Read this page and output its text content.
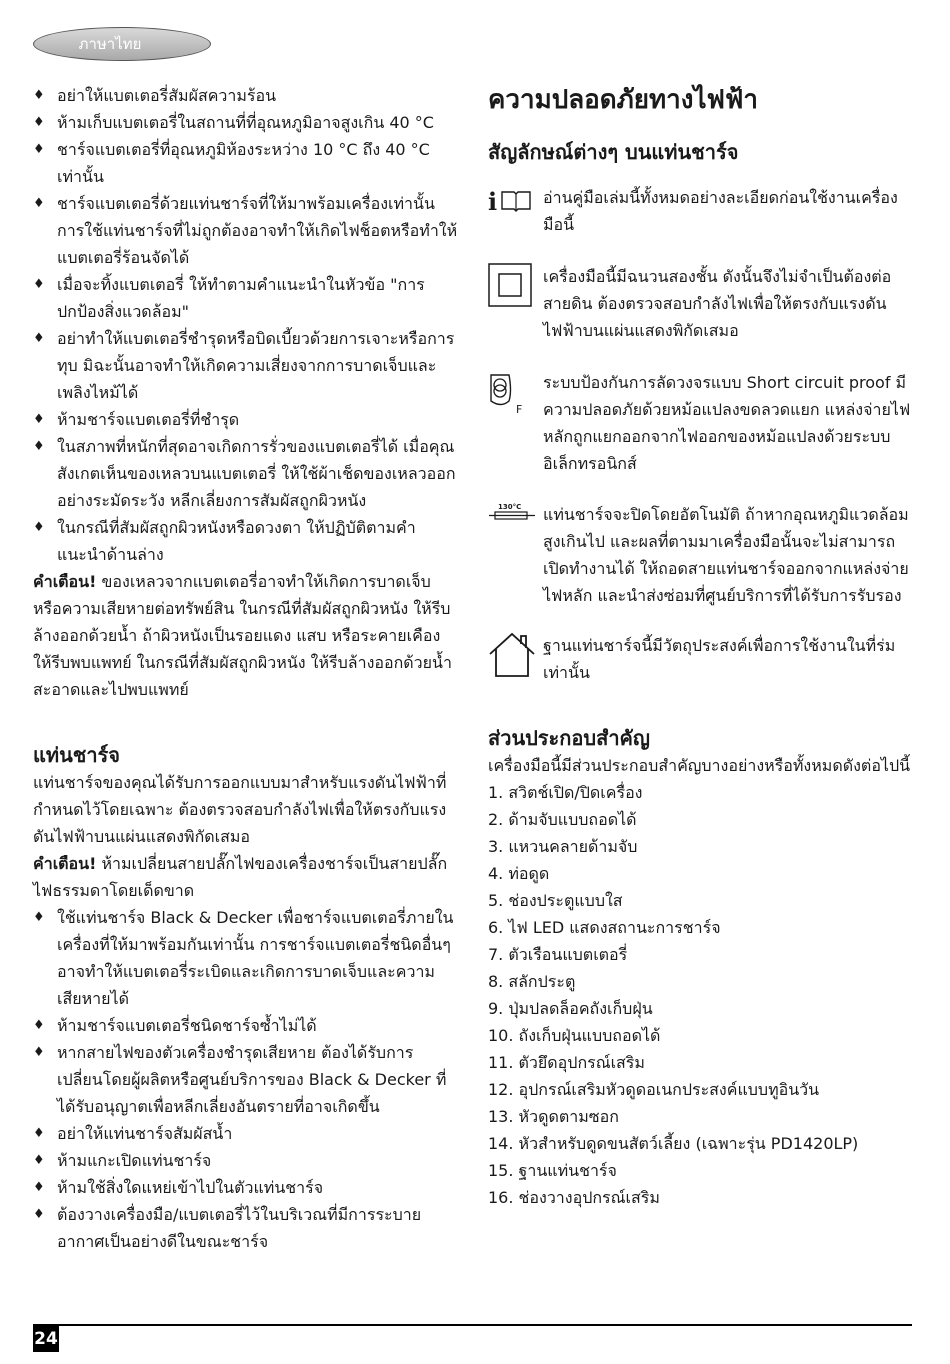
ภาษาไทย
♦ อย่าให้แบตเตอรี่สัมผัสความร้อน
♦ ห้ามเก็บแบตเตอรี่ในสถานที่ที่อุณหภูมิอาจสูงเกิน 40 °C
♦ ชาร์จแบตเตอรี่ที่อุณหภูมิห้องระหว่าง 10 °C ถึง 40 °C เท่านั้น
♦ ชาร์จแบตเตอรี่ด้วยแท่นชาร์จที่ให้มาพร้อมเครื่องเท่านั้น การใช้แท่นชาร์จที่ไม่ถูกต้องอาจทำให้เกิดไฟช็อตหรือทำให้แบตเตอรี่ร้อนจัดได้
♦ เมื่อจะทิ้งแบตเตอรี่ ให้ทำตามคำแนะนำในหัวข้อ "การปกป้องสิ่งแวดล้อม"
♦ อย่าทำให้แบตเตอรี่ชำรุดหรือบิดเบี้ยวด้วยการเจาะหรือการทุบ มิฉะนั้นอาจทำให้เกิดความเสี่ยงจากการบาดเจ็บและเพลิงไหม้ได้
♦ ห้ามชาร์จแบตเตอรี่ที่ชำรุด
♦ ในสภาพที่หนักที่สุดอาจเกิดการรั่วของแบตเตอรี่ได้ เมื่อคุณสังเกตเห็นของเหลวบนแบตเตอรี่ ให้ใช้ผ้าเช็ดของเหลวออกอย่างระมัดระวัง หลีกเลี่ยงการสัมผัสถูกผิวหนัง
♦ ในกรณีที่สัมผัสถูกผิวหนังหรือดวงตา ให้ปฏิบัติตามคำแนะนำด้านล่าง

คำเตือน! ของเหลวจากแบตเตอรี่อาจทำให้เกิดการบาดเจ็บหรือความเสียหายต่อทรัพย์สิน ในกรณีที่สัมผัสถูกผิวหนัง ให้รีบล้างออกด้วยน้ำ ถ้าผิวหนังเป็นรอยแดง แสบ หรือระคายเคือง ให้รีบพบแพทย์ ในกรณีที่สัมผัสถูกผิวหนัง ให้รีบล้างออกด้วยน้ำสะอาดและไปพบแพทย์

แท่นชาร์จ

แท่นชาร์จของคุณได้รับการออกแบบมาสำหรับแรงดันไฟฟ้าที่กำหนดไว้โดยเฉพาะ ต้องตรวจสอบกำลังไฟเพื่อให้ตรงกับแรงดันไฟฟ้าบนแผ่นแสดงพิกัดเสมอ

คำเตือน! ห้ามเปลี่ยนสายปลั๊กไฟของเครื่องชาร์จเป็นสายปลั๊กไฟธรรมดาโดยเด็ดขาด

♦ ใช้แท่นชาร์จ Black & Decker เพื่อชาร์จแบตเตอรี่ภายในเครื่องที่ให้มาพร้อมกันเท่านั้น การชาร์จแบตเตอรี่ชนิดอื่นๆ อาจทำให้แบตเตอรี่ระเบิดและเกิดการบาดเจ็บและความเสียหายได้
♦ ห้ามชาร์จแบตเตอรี่ชนิดชาร์จซ้ำไม่ได้
♦ หากสายไฟของตัวเครื่องชำรุดเสียหาย ต้องได้รับการเปลี่ยนโดยผู้ผลิตหรือศูนย์บริการของ Black & Decker ที่ได้รับอนุญาตเพื่อหลีกเลี่ยงอันตรายที่อาจเกิดขึ้น
♦ อย่าให้แท่นชาร์จสัมผัสน้ำ
♦ ห้ามแกะเปิดแท่นชาร์จ
♦ ห้ามใช้สิ่งใดแหย่เข้าไปในตัวแท่นชาร์จ
♦ ต้องวางเครื่องมือ/แบตเตอรี่ไว้ในบริเวณที่มีการระบายอากาศเป็นอย่างดีในขณะชาร์จ
ความปลอดภัยทางไฟฟ้า
สัญลักษณ์ต่างๆ บนแท่นชาร์จ
i	อ่านคู่มือเล่มนี้ทั้งหมดอย่างละเอียดก่อนใช้งานเครื่องมือนี้

เครื่องมือนี้มีฉนวนสองชั้น ดังนั้นจึงไม่จำเป็นต้องต่อสายดิน ต้องตรวจสอบกำลังไฟเพื่อให้ตรงกับแรงดันไฟฟ้าบนแผ่นแสดงพิกัดเสมอ

F

ระบบป้องกันการลัดวงจรแบบ Short circuit proof มีความปลอดภัยด้วยหม้อแปลงขดลวดแยก แหล่งจ่ายไฟหลักถูกแยกออกจากไฟออกของหม้อแปลงด้วยระบบอิเล็กทรอนิกส์

130°C แท่นชาร์จจะปิดโดยอัตโนมัติ ถ้าหากอุณหภูมิแวดล้อมสูงเกินไป และผลที่ตามมาเครื่องมือนั้นจะไม่สามารถเปิดทำงานได้ ให้ถอดสายแท่นชาร์จออกจากแหล่งจ่ายไฟหลัก และนำส่งซ่อมที่ศูนย์บริการที่ได้รับการรับรอง

ฐานแท่นชาร์จนี้มีวัตถุประสงค์เพื่อการใช้งานในที่ร่มเท่านั้น

ส่วนประกอบสำคัญ

เครื่องมือนี้มีส่วนประกอบสำคัญบางอย่างหรือทั้งหมดดังต่อไปนี้

1. สวิตช์เปิด/ปิดเครื่อง
2. ด้ามจับแบบถอดได้
3. แหวนคลายด้ามจับ
4. ท่อดูด
5. ช่องประตูแบบใส
6. ไฟ LED แสดงสถานะการชาร์จ
7. ตัวเรือนแบตเตอรี่
8. สลักประตู
9. ปุ่มปลดล็อคถังเก็บฝุ่น
10. ถังเก็บฝุ่นแบบถอดได้
11. ตัวยึดอุปกรณ์เสริม
12. อุปกรณ์เสริมหัวดูดอเนกประสงค์แบบทูอินวัน
13. หัวดูดตามซอก
14. หัวสำหรับดูดขนสัตว์เลี้ยง (เฉพาะรุ่น PD1420LP)
15. ฐานแท่นชาร์จ
16. ช่องวางอุปกรณ์เสริม
24
